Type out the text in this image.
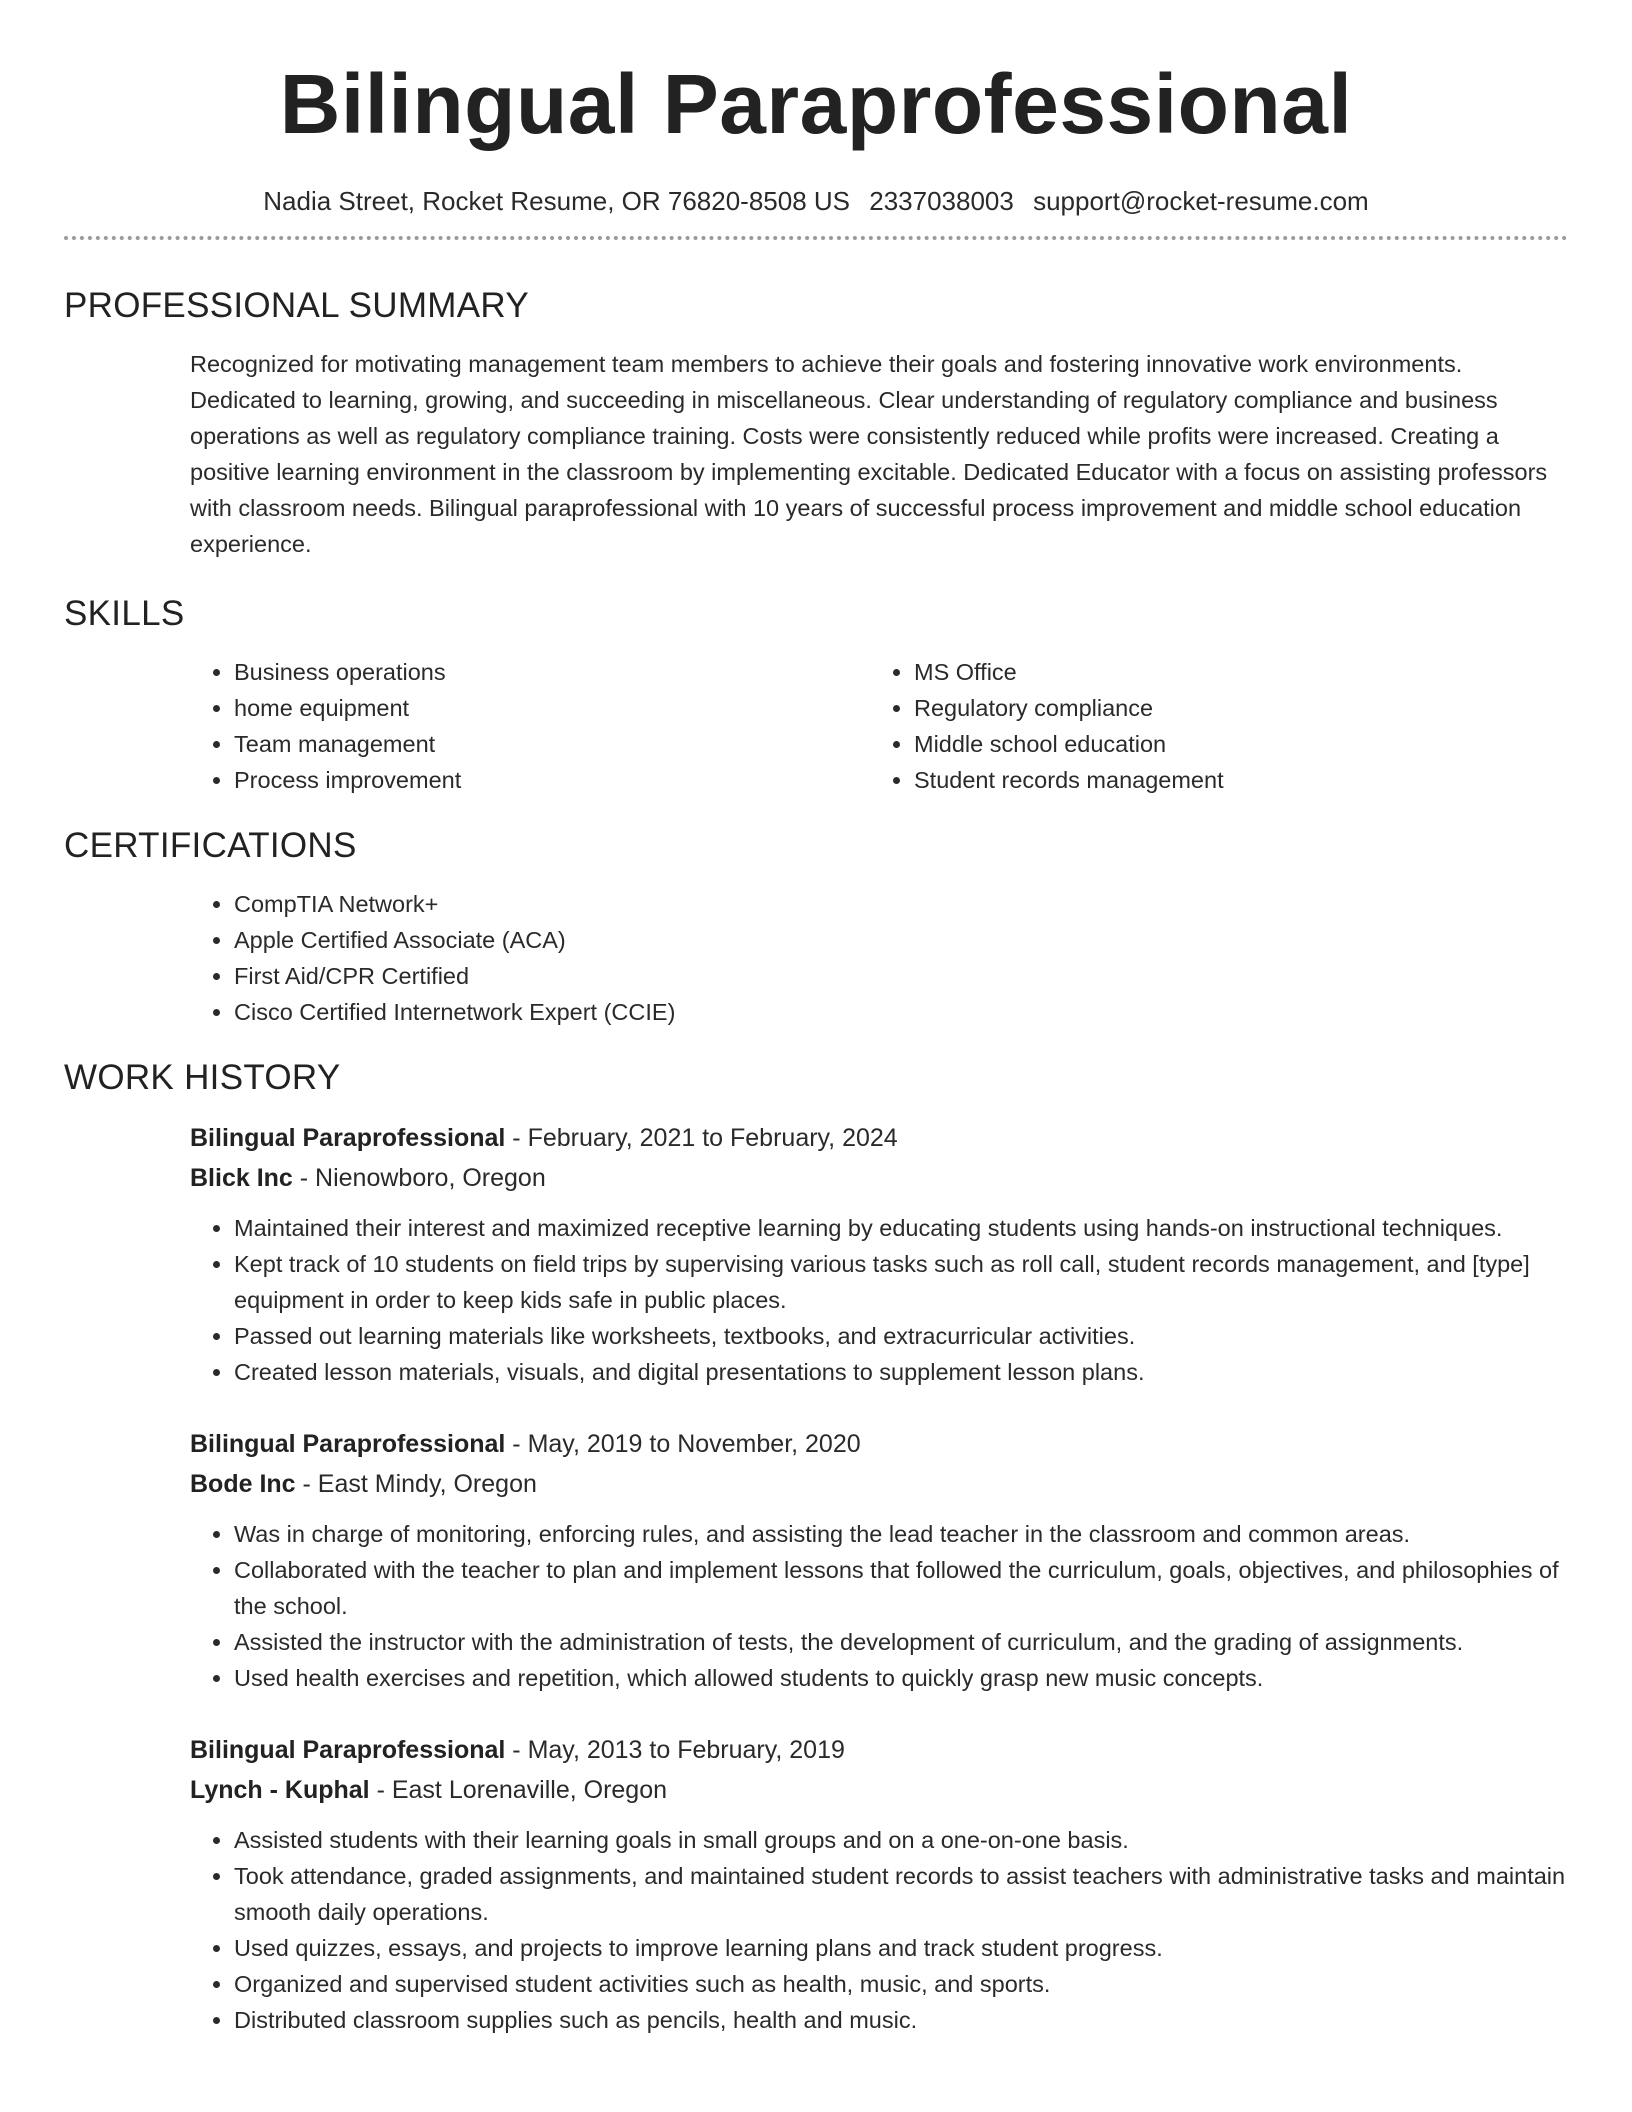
Bilingual Paraprofessional
Nadia Street, Rocket Resume, OR 76820-8508 US 2337038003 support@rocket-resume.com
PROFESSIONAL SUMMARY
Recognized for motivating management team members to achieve their goals and fostering innovative work environments. Dedicated to learning, growing, and succeeding in miscellaneous. Clear understanding of regulatory compliance and business operations as well as regulatory compliance training. Costs were consistently reduced while profits were increased. Creating a positive learning environment in the classroom by implementing excitable. Dedicated Educator with a focus on assisting professors with classroom needs. Bilingual paraprofessional with 10 years of successful process improvement and middle school education experience.
SKILLS
• Business operations
• home equipment
• Team management
• Process improvement
• MS Office
• Regulatory compliance
• Middle school education
• Student records management
CERTIFICATIONS
• CompTIA Network+
• Apple Certified Associate (ACA)
• First Aid/CPR Certified
• Cisco Certified Internetwork Expert (CCIE)
WORK HISTORY
Bilingual Paraprofessional - February, 2021 to February, 2024
Blick Inc - Nienowboro, Oregon
• Maintained their interest and maximized receptive learning by educating students using hands-on instructional techniques.
• Kept track of 10 students on field trips by supervising various tasks such as roll call, student records management, and [type] equipment in order to keep kids safe in public places.
• Passed out learning materials like worksheets, textbooks, and extracurricular activities.
• Created lesson materials, visuals, and digital presentations to supplement lesson plans.
Bilingual Paraprofessional - May, 2019 to November, 2020
Bode Inc - East Mindy, Oregon
• Was in charge of monitoring, enforcing rules, and assisting the lead teacher in the classroom and common areas.
• Collaborated with the teacher to plan and implement lessons that followed the curriculum, goals, objectives, and philosophies of the school.
• Assisted the instructor with the administration of tests, the development of curriculum, and the grading of assignments.
• Used health exercises and repetition, which allowed students to quickly grasp new music concepts.
Bilingual Paraprofessional - May, 2013 to February, 2019
Lynch - Kuphal - East Lorenaville, Oregon
• Assisted students with their learning goals in small groups and on a one-on-one basis.
• Took attendance, graded assignments, and maintained student records to assist teachers with administrative tasks and maintain smooth daily operations.
• Used quizzes, essays, and projects to improve learning plans and track student progress.
• Organized and supervised student activities such as health, music, and sports.
• Distributed classroom supplies such as pencils, health and music.
